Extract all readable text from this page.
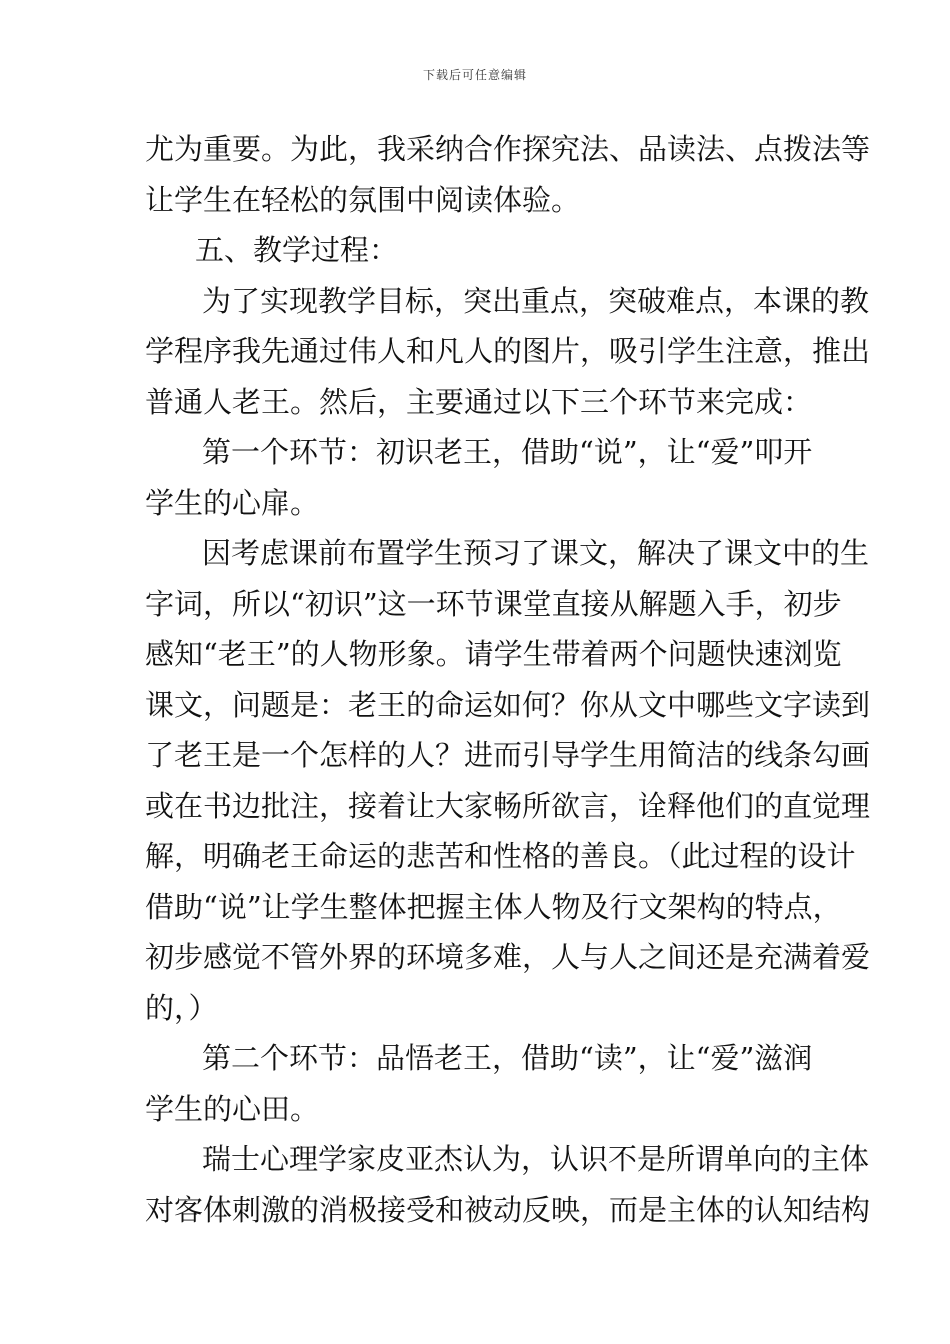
下载后可任意编辑
尤为重要。为此，我采纳合作探究法、品读法、点拨法等
让学生在轻松的氛围中阅读体验。
五、教学过程：
为了实现教学目标，突出重点，突破难点，本课的教
学程序我先通过伟人和凡人的图片，吸引学生注意，推出
普通人老王。然后，主要通过以下三个环节来完成：
第一个环节：初识老王，借助“说”，让“爱”叩开
学生的心扉。
因考虑课前布置学生预习了课文，解决了课文中的生
字词，所以“初识”这一环节课堂直接从解题入手，初步
感知“老王”的人物形象。请学生带着两个问题快速浏览
课文，问题是：老王的命运如何？你从文中哪些文字读到
了老王是一个怎样的人？进而引导学生用简洁的线条勾画
或在书边批注，接着让大家畅所欲言，诠释他们的直觉理
解，明确老王命运的悲苦和性格的善良。（此过程的设计
借助“说”让学生整体把握主体人物及行文架构的特点，
初步感觉不管外界的环境多难，人与人之间还是充满着爱
的，）
第二个环节：品悟老王，借助“读”，让“爱”滋润
学生的心田。
瑞士心理学家皮亚杰认为，认识不是所谓单向的主体
对客体刺激的消极接受和被动反映，而是主体的认知结构
